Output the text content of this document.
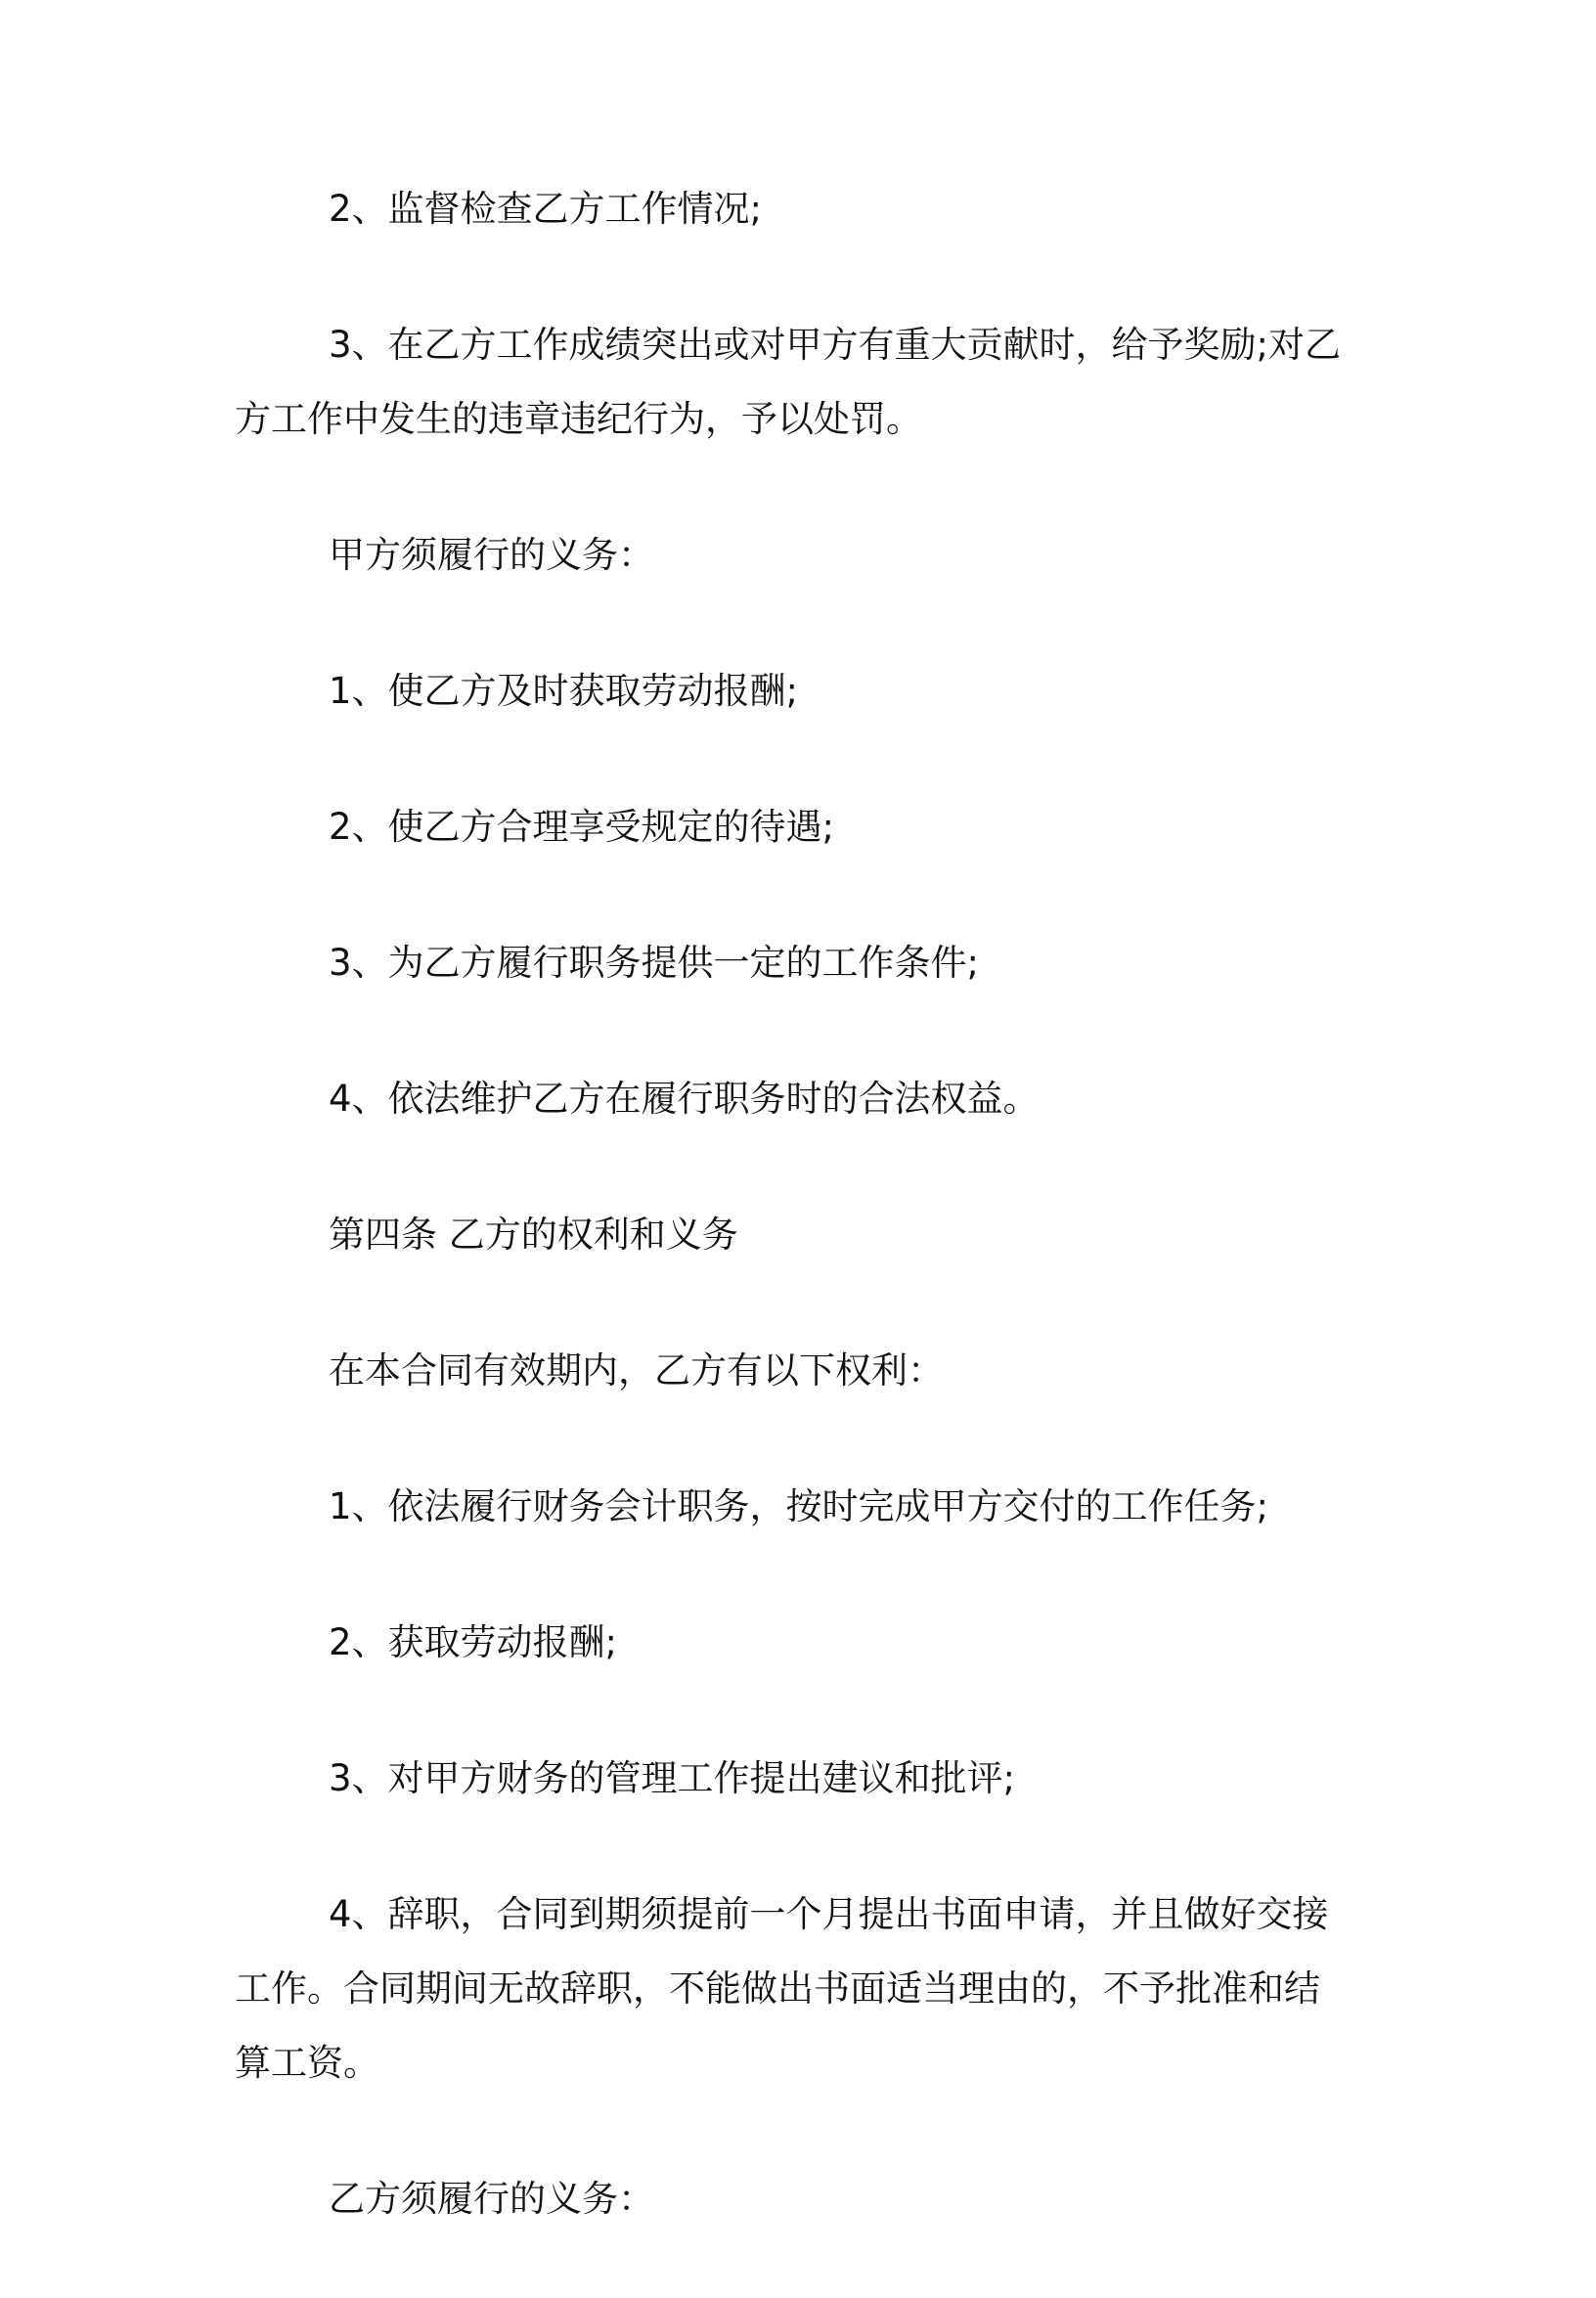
2、监督检查乙方工作情况;

3、在乙方工作成绩突出或对甲方有重大贡献时，给予奖励;对乙方工作中发生的违章违纪行为，予以处罚。

甲方须履行的义务：

1、使乙方及时获取劳动报酬;

2、使乙方合理享受规定的待遇;

3、为乙方履行职务提供一定的工作条件;

4、依法维护乙方在履行职务时的合法权益。

第四条 乙方的权利和义务

在本合同有效期内，乙方有以下权利：

1、依法履行财务会计职务，按时完成甲方交付的工作任务;

2、获取劳动报酬;

3、对甲方财务的管理工作提出建议和批评;

4、辞职，合同到期须提前一个月提出书面申请，并且做好交接工作。合同期间无故辞职，不能做出书面适当理由的，不予批准和结算工资。

乙方须履行的义务：
